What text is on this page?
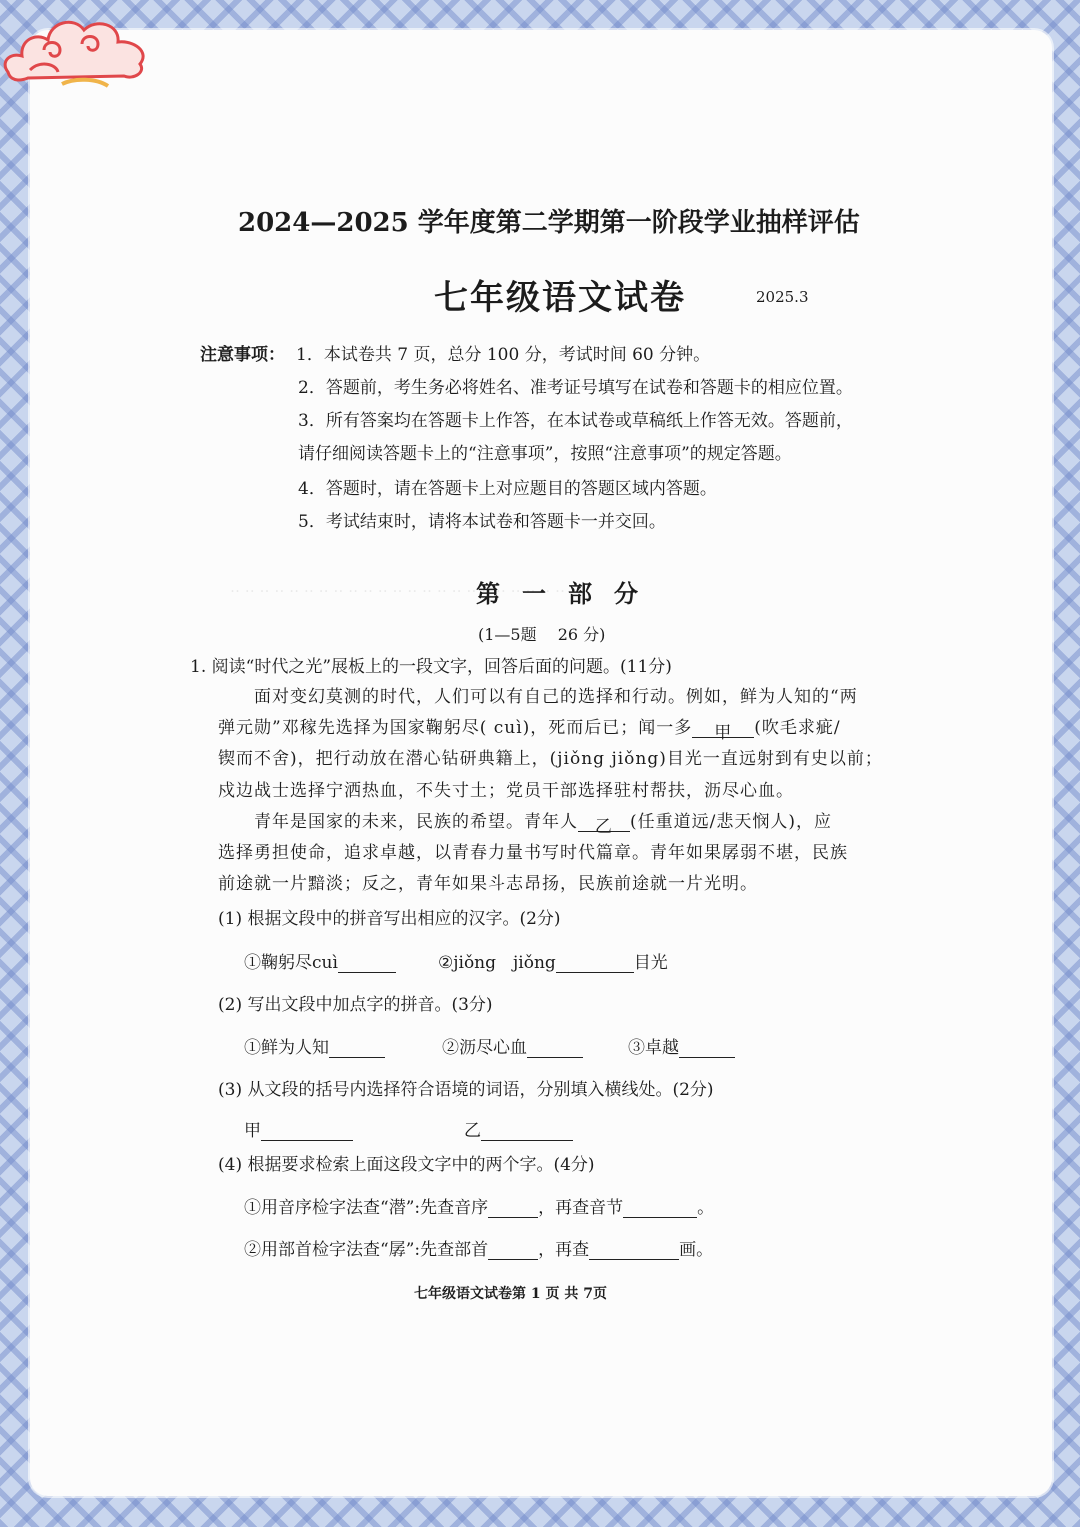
‥ ‥ ‥ ‥ ‥ ‥ ‥ ‥ ‥ ‥ ‥ ‥ ‥ ‥ ‥ ‥ ‥ ‥ ‥ ‥ ‥ ‥ ‥
2024—2025 学年度第二学期第一阶段学业抽样评估
七年级语文试卷	2025.3
注意事项： 1．本试卷共 7 页，总分 100 分，考试时间 60 分钟。
2．答题前，考生务必将姓名、准考证号填写在试卷和答题卡的相应位置。
3．所有答案均在答题卡上作答，在本试卷或草稿纸上作答无效。答题前，
请仔细阅读答题卡上的“注意事项”，按照“注意事项”的规定答题。
4．答题时，请在答题卡上对应题目的答题区域内答题。
5．考试结束时，请将本试卷和答题卡一并交回。
第一部分
(1—5题　 26 分)
1. 阅读“时代之光”展板上的一段文字，回答后面的问题。(11分)
面对变幻莫测的时代，人们可以有自己的选择和行动。例如，鲜为人知的“两
弹元勋”邓稼先选择为国家鞠躬尽( cuì)，死而后已；闻一多 甲 (吹毛求疵/
锲而不舍)，把行动放在潜心钻研典籍上，(jiǒng jiǒng)目光一直远射到有史以前；
戍边战士选择宁洒热血，不失寸土；党员干部选择驻村帮扶，沥尽心血。
青年是国家的未来，民族的希望。青年人 乙 (任重道远/悲天悯人)，应
选择勇担使命，追求卓越，以青春力量书写时代篇章。青年如果孱弱不堪，民族
前途就一片黯淡；反之，青年如果斗志昂扬，民族前途就一片光明。
(1) 根据文段中的拼音写出相应的汉字。(2分)
①鞠躬尽cuì	②jiǒng　jiǒng	目光
(2) 写出文段中加点字的拼音。(3分)
①鲜为人知	②沥尽心血	③卓越
(3) 从文段的括号内选择符合语境的词语，分别填入横线处。(2分)
甲	乙
(4) 根据要求检索上面这段文字中的两个字。(4分)
①用音序检字法查“潜”:先查音序	，再查音节	。
②用部首检字法查“孱”:先查部首	，再查	画。
七年级语文试卷第 1 页 共 7页
